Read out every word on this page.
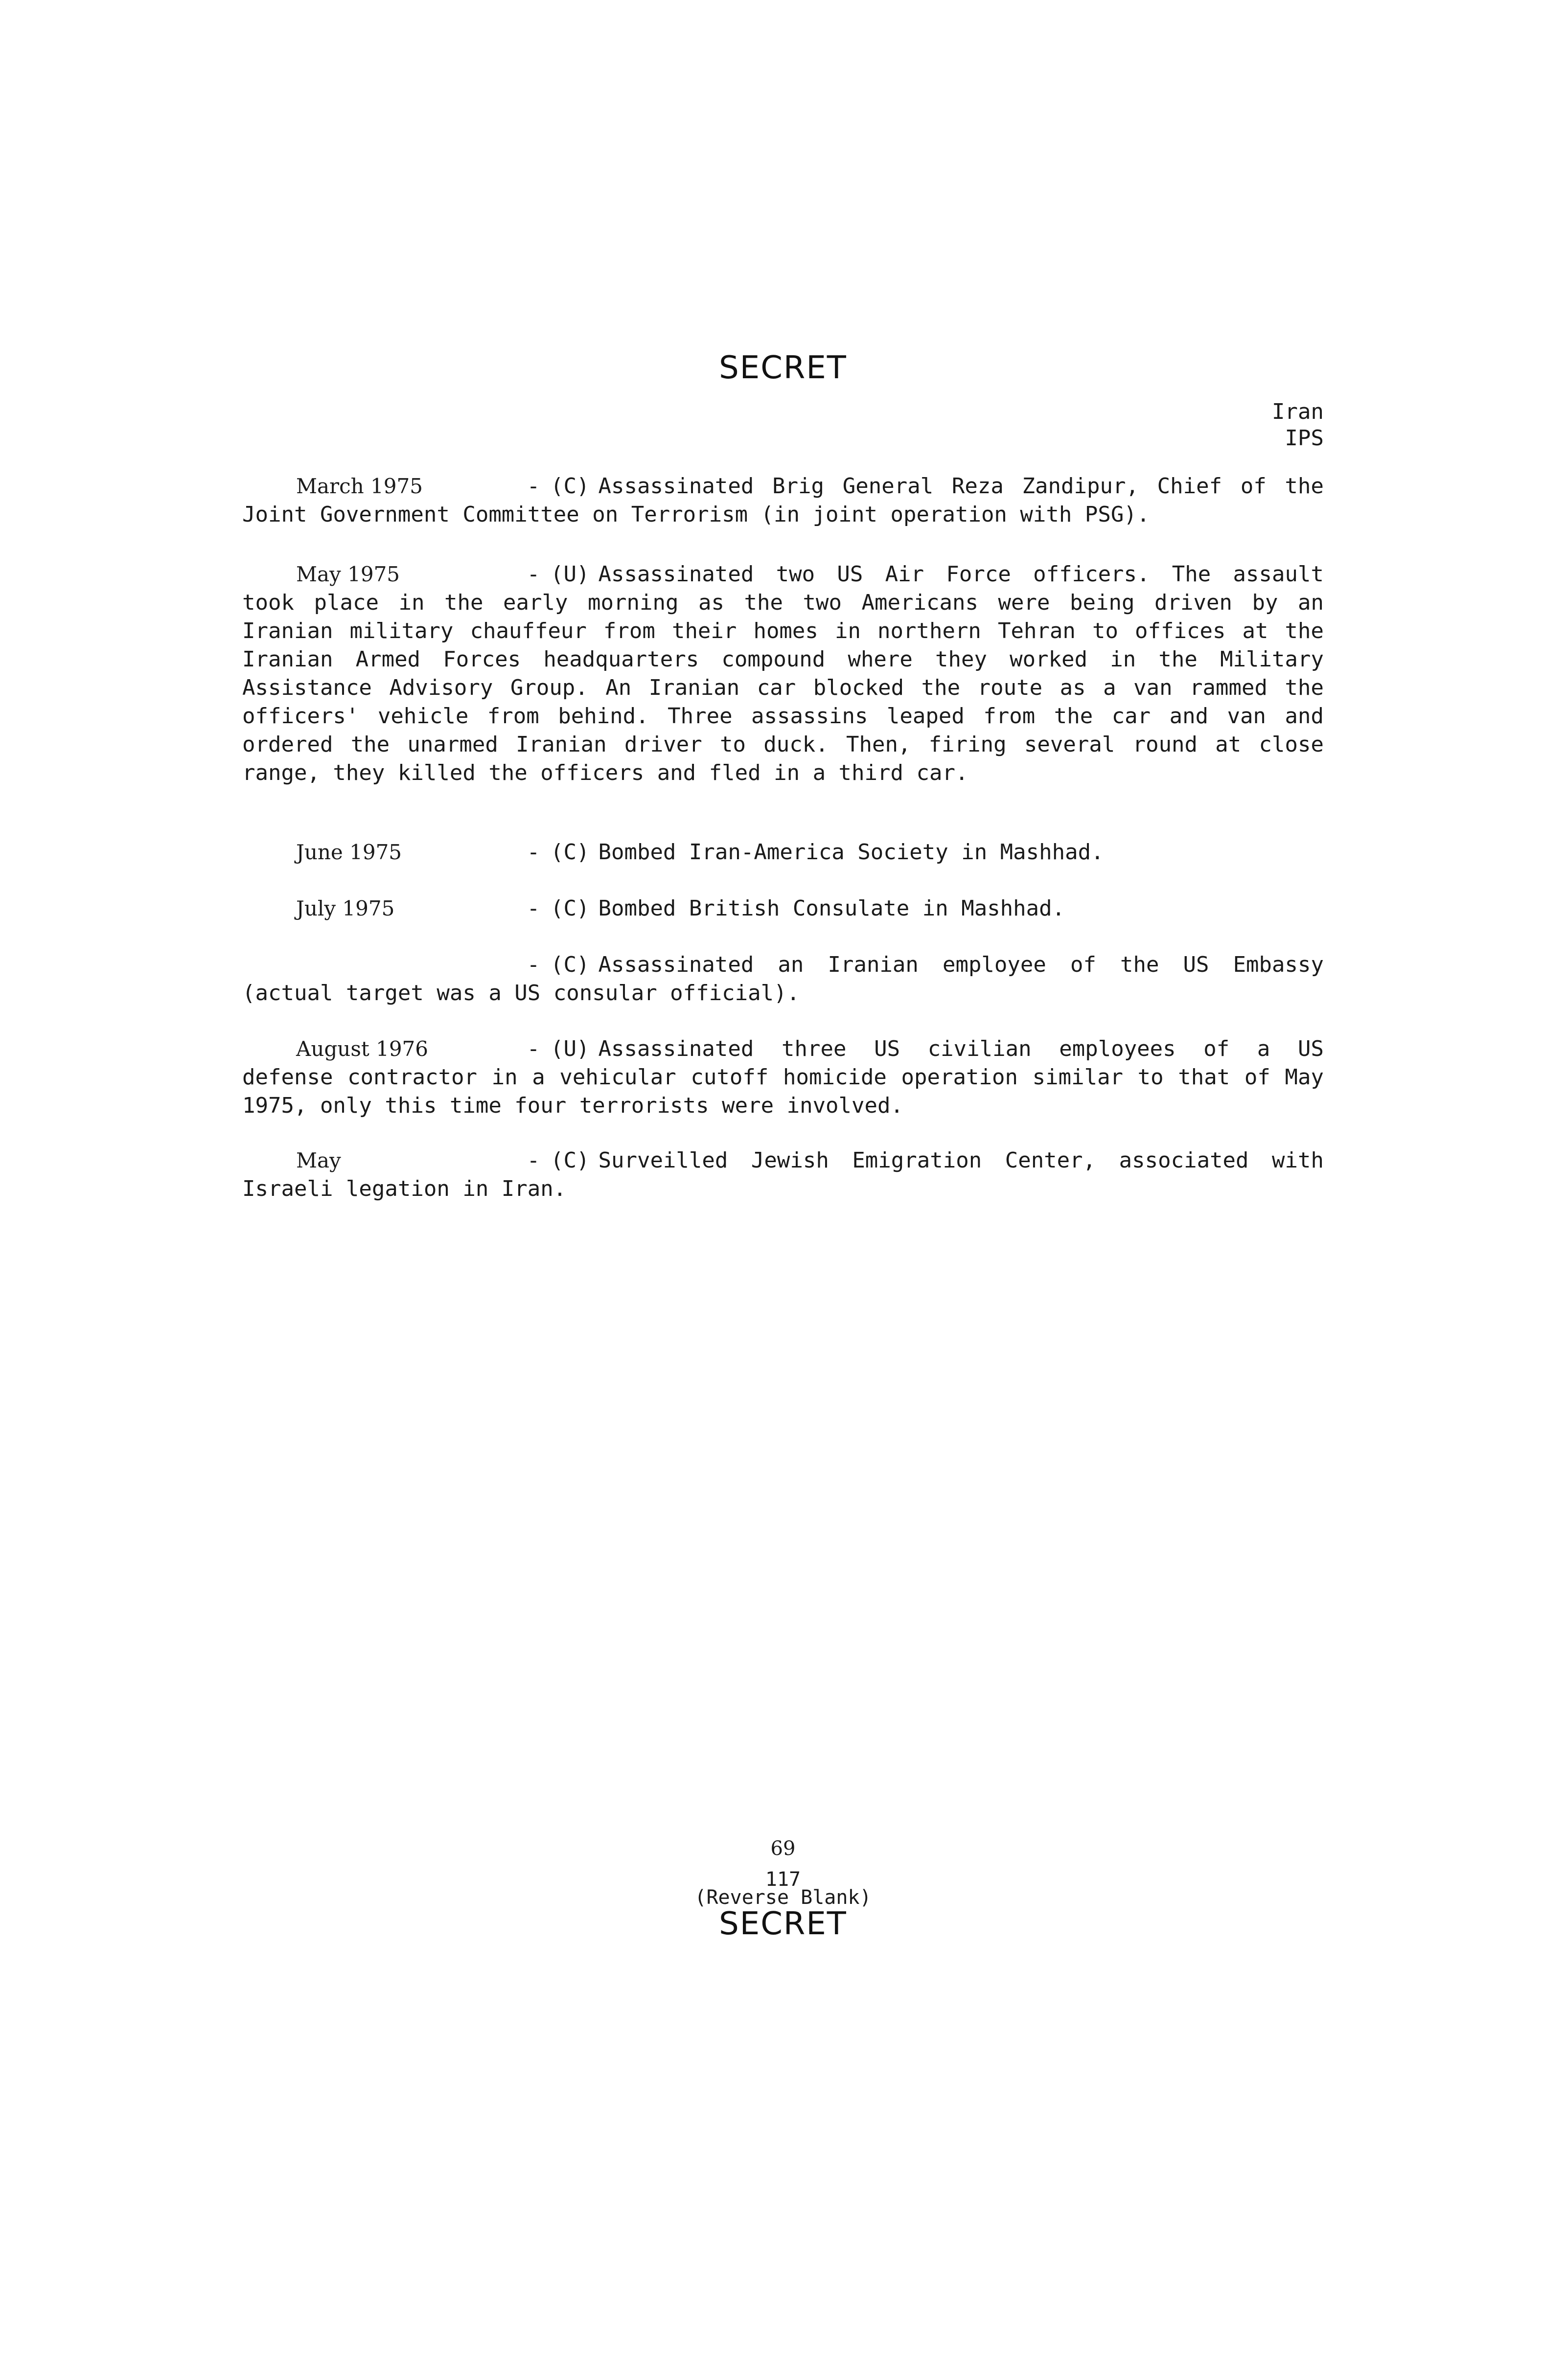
SECRET
Iran
IPS
March 1975	- (C) Assassinated Brig General Reza Zandipur, Chief of the Joint Government Committee on Terrorism (in joint operation with PSG).
May 1975	- (U) Assassinated two US Air Force officers. The assault took place in the early morning as the two Americans were being driven by an Iranian military chauffeur from their homes in northern Tehran to offices at the Iranian Armed Forces headquarters compound where they worked in the Military Assistance Advisory Group. An Iranian car blocked the route as a van rammed the officers' vehicle from behind. Three assassins leaped from the car and van and ordered the unarmed Iranian driver to duck. Then, firing several round at close range, they killed the officers and fled in a third car.
June 1975	- (C) Bombed Iran-America Society in Mashhad.
July 1975	- (C) Bombed British Consulate in Mashhad.
- (C) Assassinated an Iranian employee of the US Embassy (actual target was a US consular official).
August 1976	- (U) Assassinated three US civilian employees of a US defense contractor in a vehicular cutoff homicide operation similar to that of May 1975, only this time four terrorists were involved.
May	- (C) Surveilled Jewish Emigration Center, associated with Israeli legation in Iran.
69
117
(Reverse Blank)
SECRET
